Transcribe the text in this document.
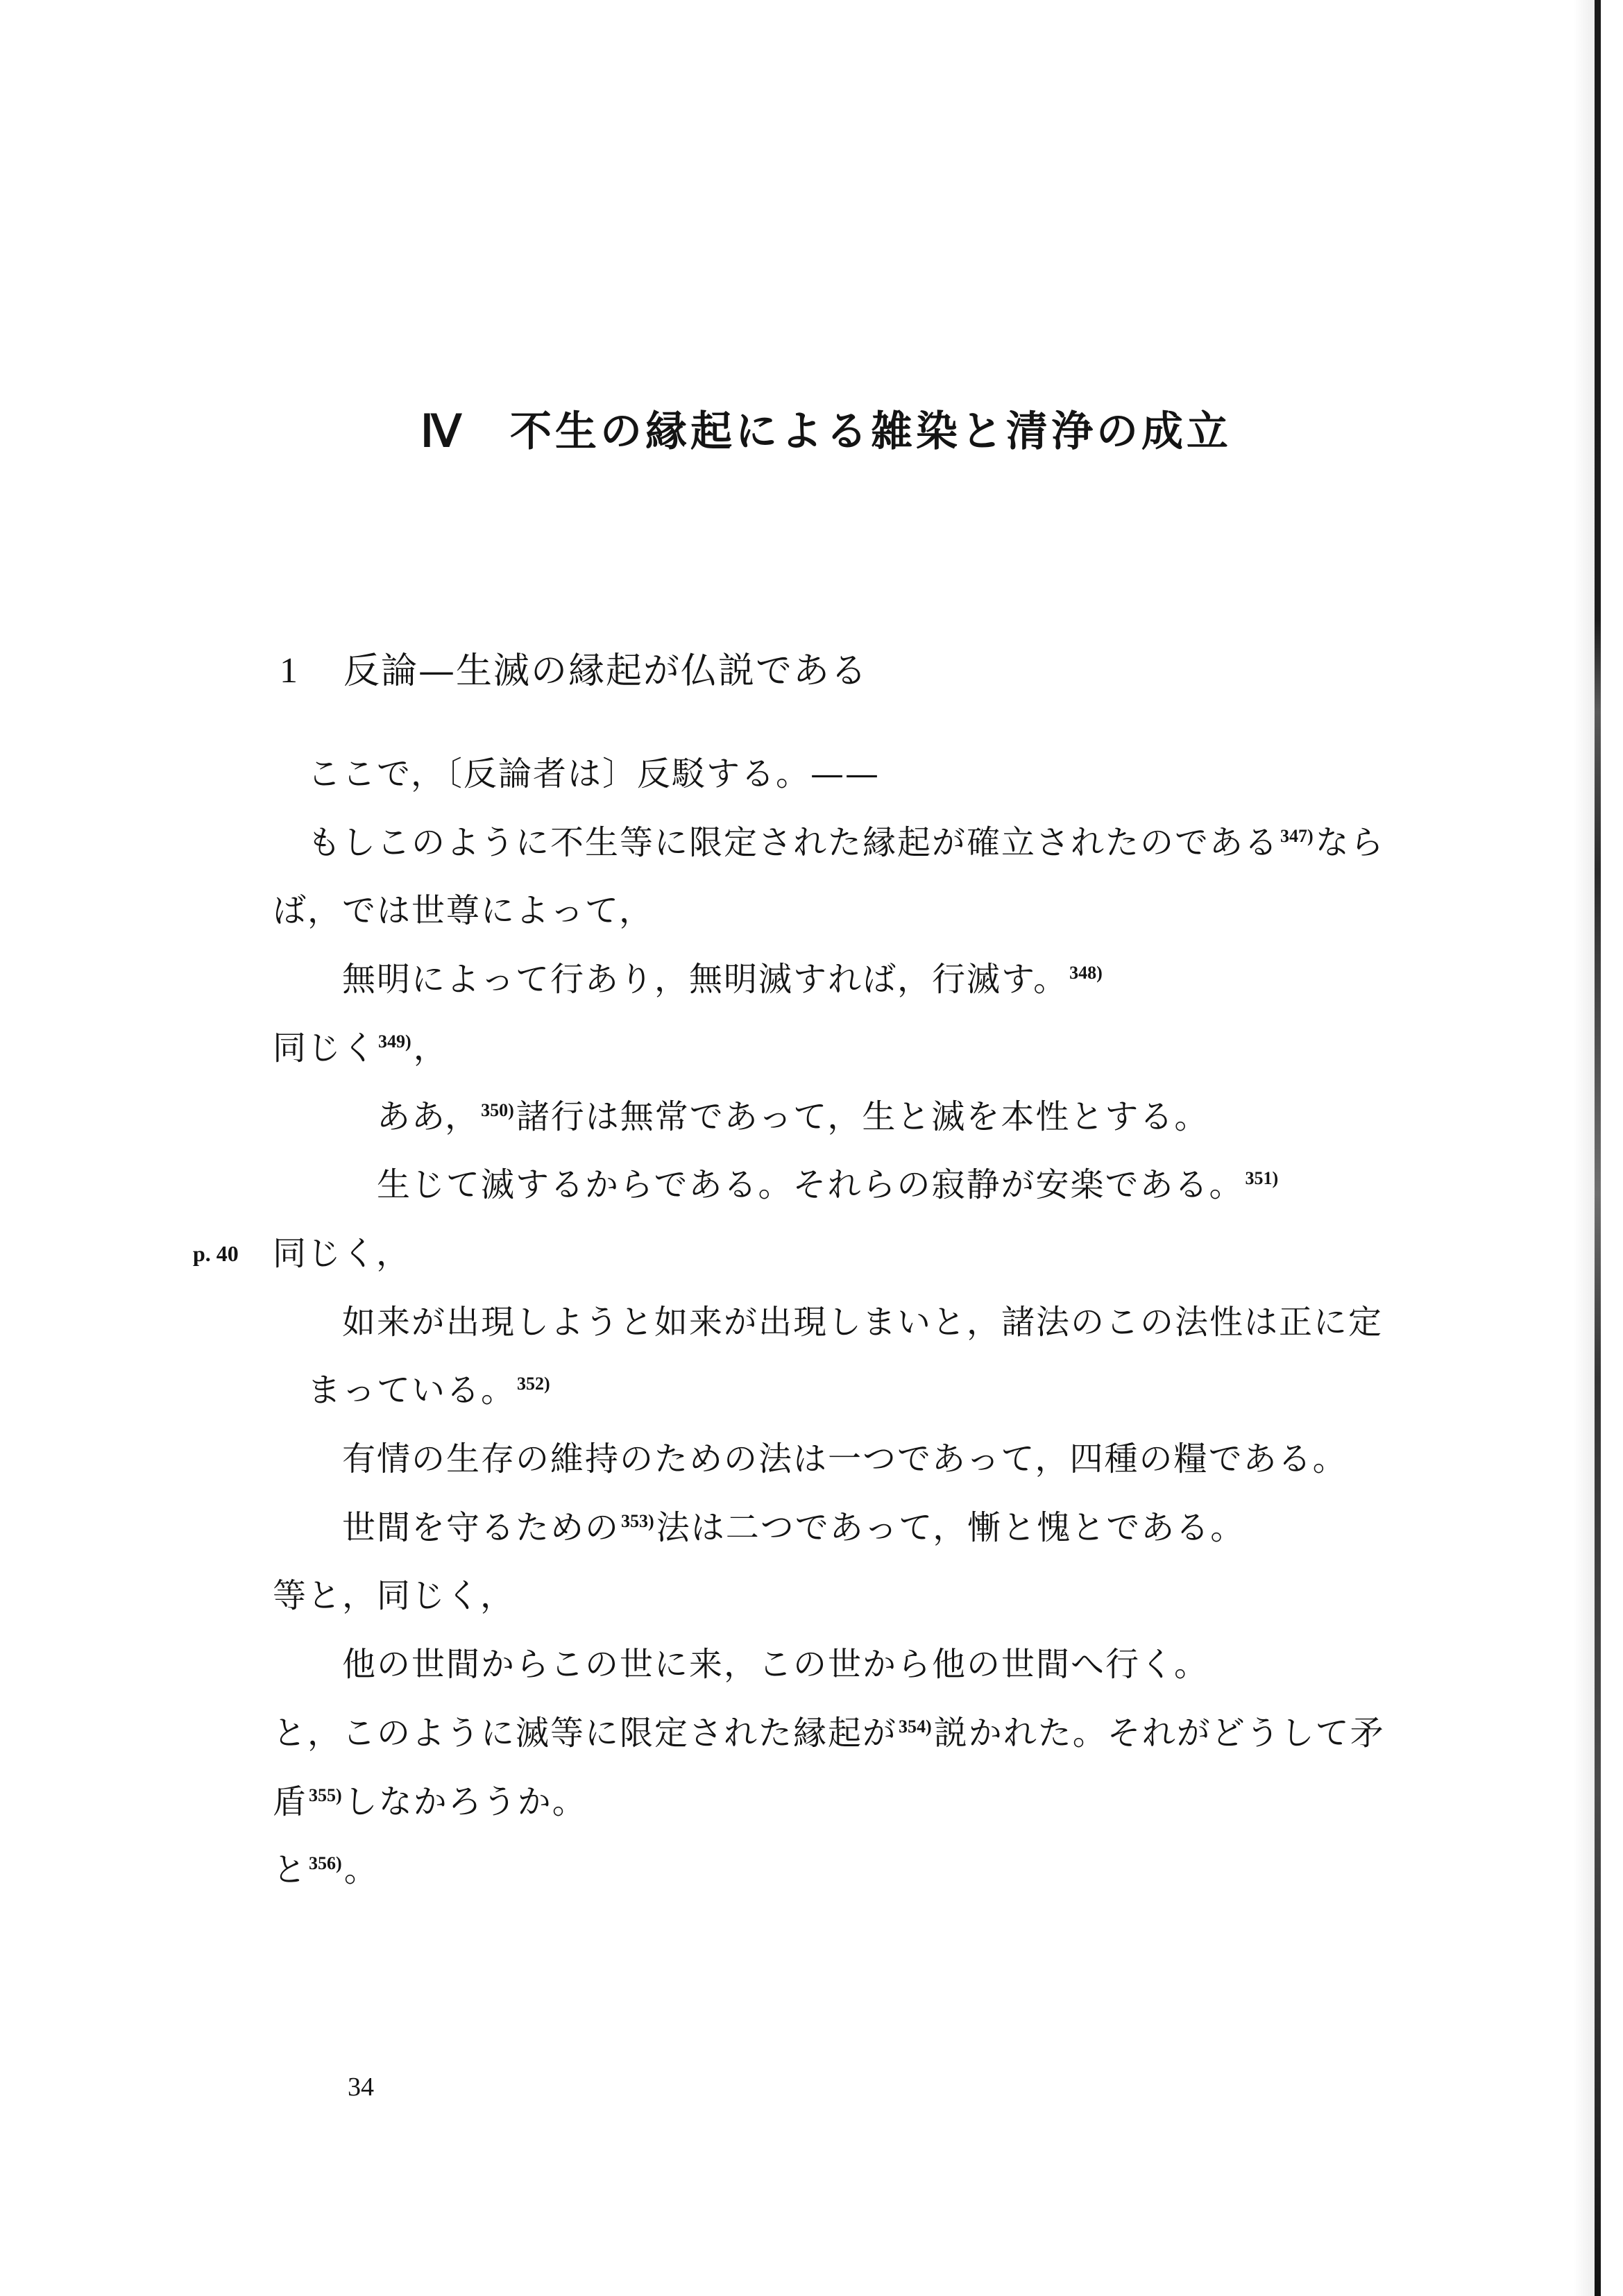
Ⅳ 不生の縁起による雑染と清浄の成立
1 反論—生滅の縁起が仏説である
p. 40
ここで，〔反論者は〕反駁する。——
もしこのように不生等に限定された縁起が確立されたのである$^{347)}$なら
ば，では世尊によって，
無明によって行あり，無明滅すれば，行滅す。$^{348)}$
同じく$^{349)}$，
ああ，$^{350)}$諸行は無常であって，生と滅を本性とする。
生じて滅するからである。それらの寂静が安楽である。$^{351)}$
同じく，
如来が出現しようと如来が出現しまいと，諸法のこの法性は正に定
まっている。$^{352)}$
有情の生存の維持のための法は一つであって，四種の糧である。
世間を守るための$^{353)}$法は二つであって，慚と愧とである。
等と，同じく，
他の世間からこの世に来，この世から他の世間へ行く。
と，このように滅等に限定された縁起が$^{354)}$説かれた。それがどうして矛
盾$^{355)}$しなかろうか。
と$^{356)}$。
34
